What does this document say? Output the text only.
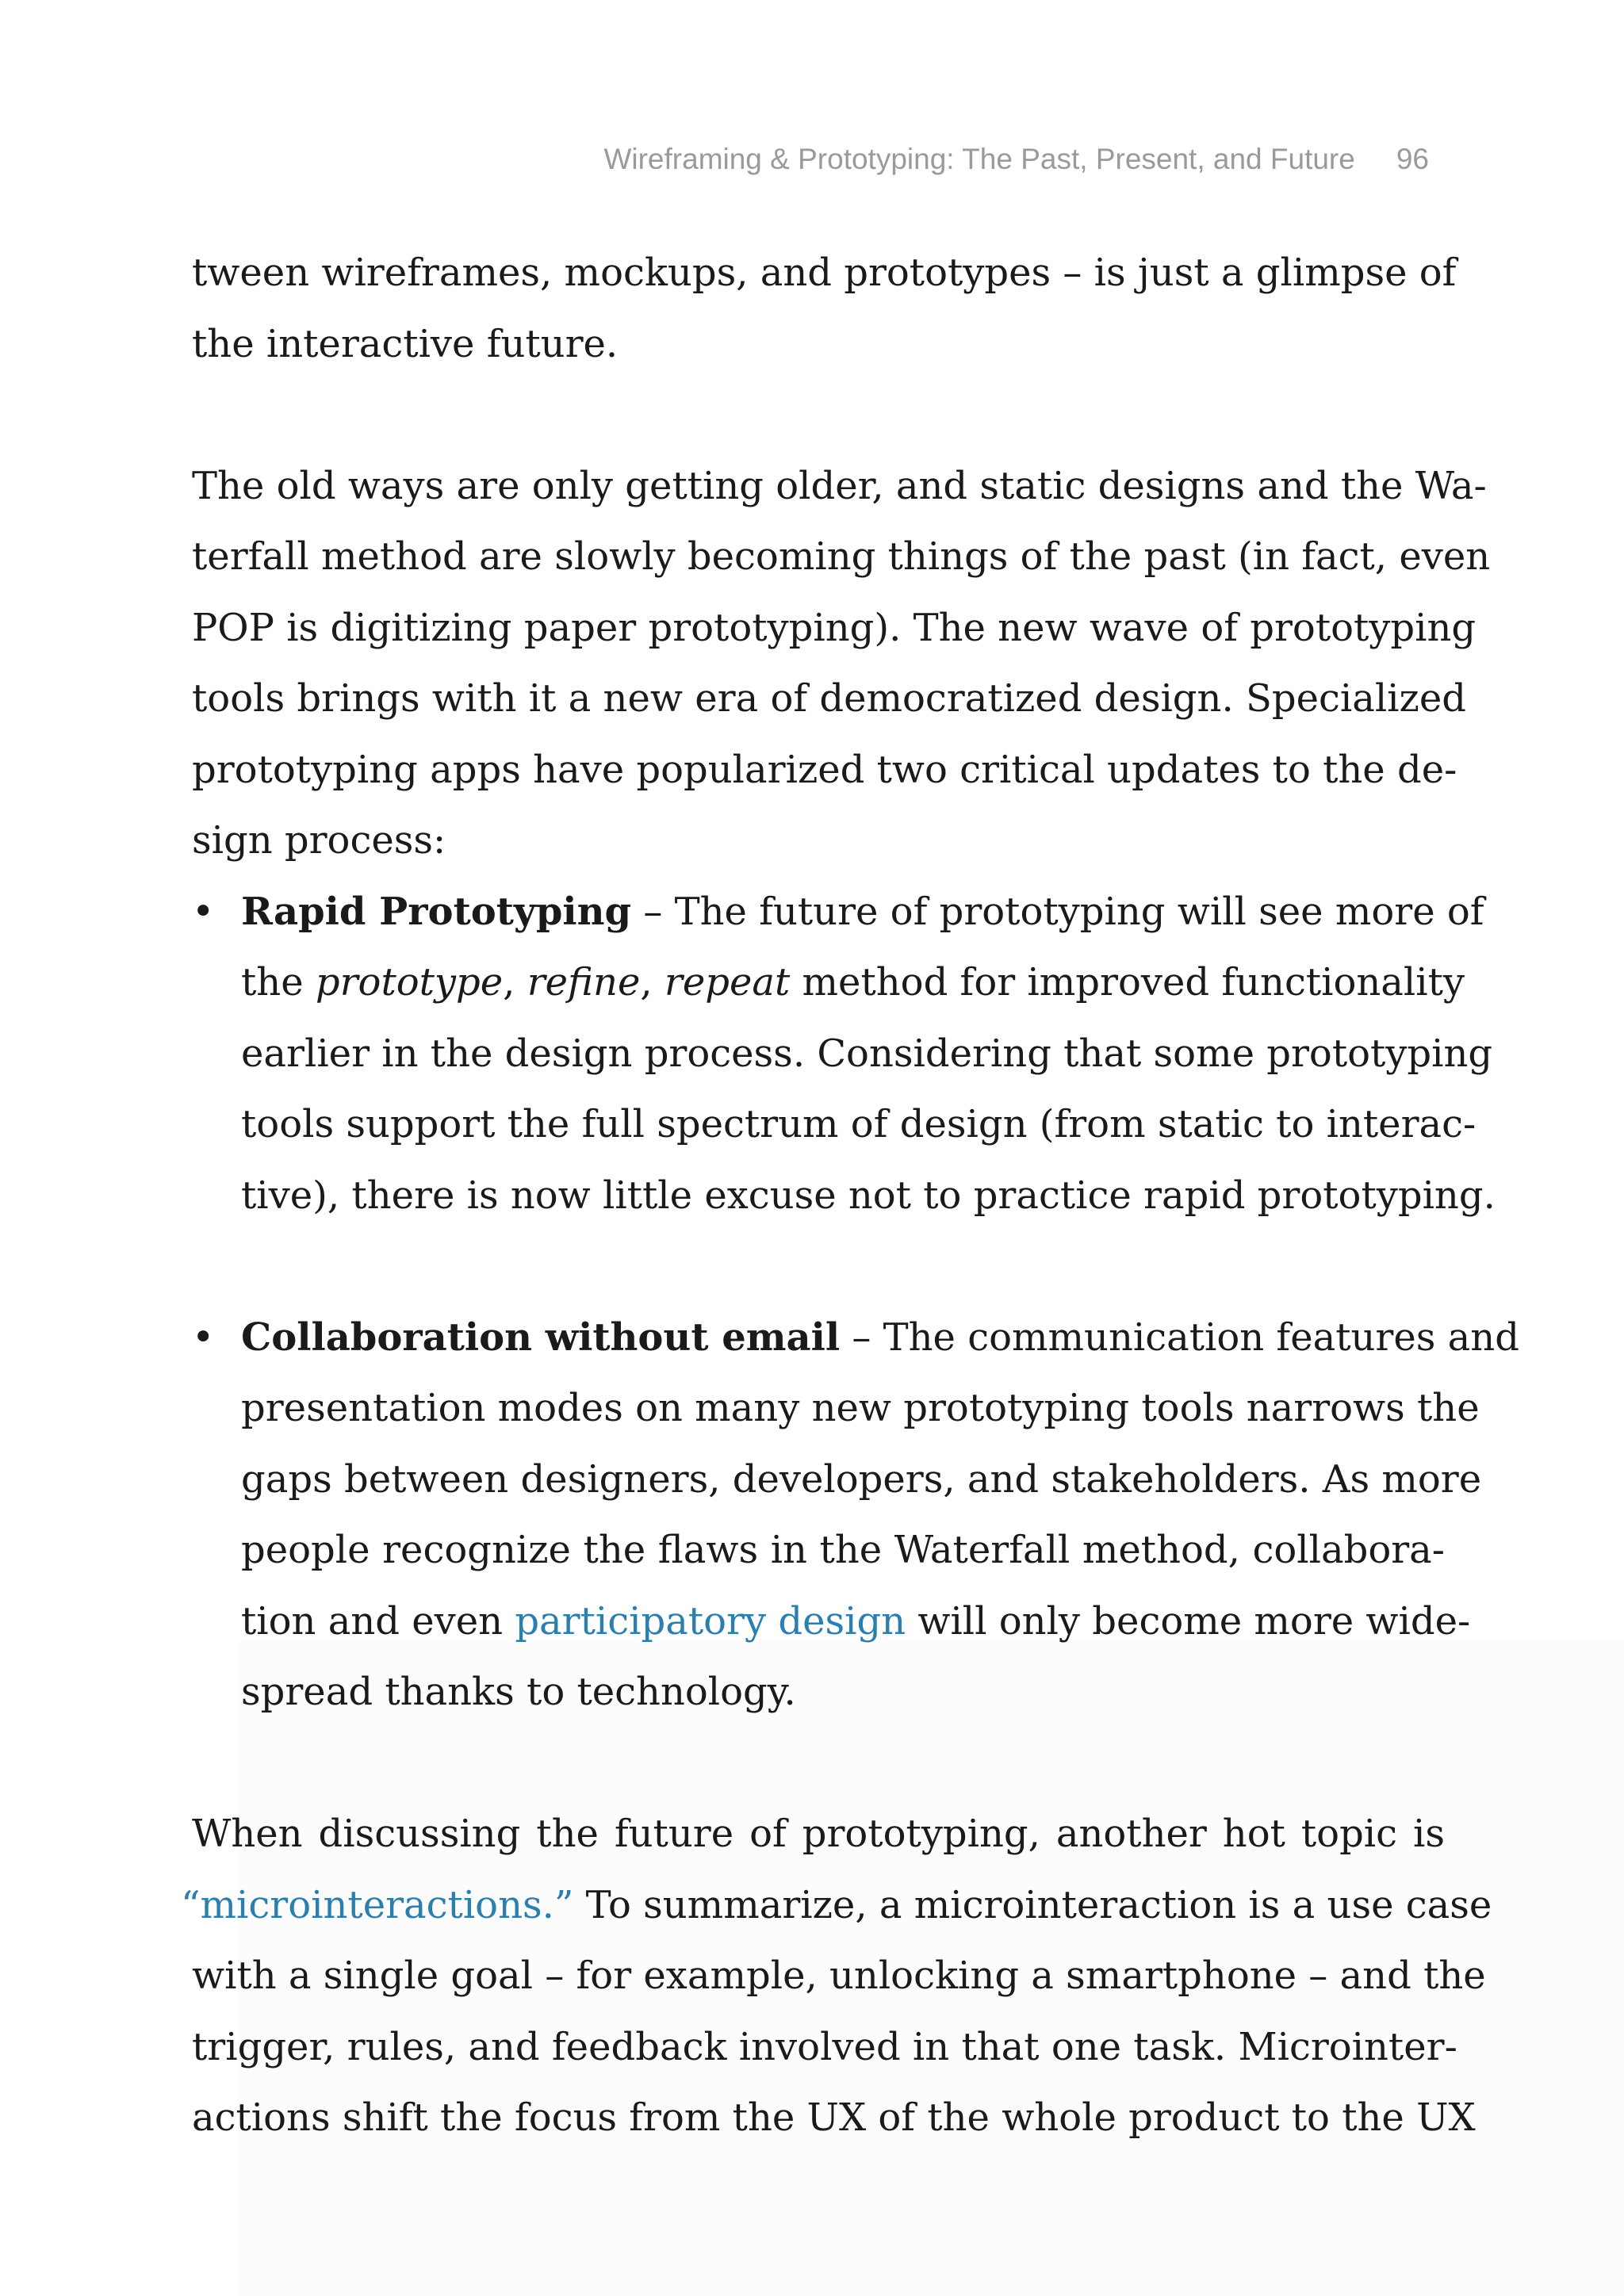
Wireframing & Prototyping: The Past, Present, and Future 96

tween wireframes, mockups, and prototypes – is just a glimpse of
the interactive future.

The old ways are only getting older, and static designs and the Wa-
terfall method are slowly becoming things of the past (in fact, even
POP is digitizing paper prototyping). The new wave of prototyping
tools brings with it a new era of democratized design. Specialized
prototyping apps have popularized two critical updates to the de-
sign process:

• Rapid Prototyping – The future of prototyping will see more of
the prototype, refine, repeat method for improved functionality
earlier in the design process. Considering that some prototyping
tools support the full spectrum of design (from static to interac-
tive), there is now little excuse not to practice rapid prototyping.
• Collaboration without email – The communication features and
presentation modes on many new prototyping tools narrows the
gaps between designers, developers, and stakeholders. As more
people recognize the flaws in the Waterfall method, collabora-
tion and even participatory design will only become more wide-
spread thanks to technology.

When discussing the future of prototyping, another hot topic is
“microinteractions.” To summarize, a microinteraction is a use case
with a single goal – for example, unlocking a smartphone – and the
trigger, rules, and feedback involved in that one task. Microinter-
actions shift the focus from the UX of the whole product to the UX
